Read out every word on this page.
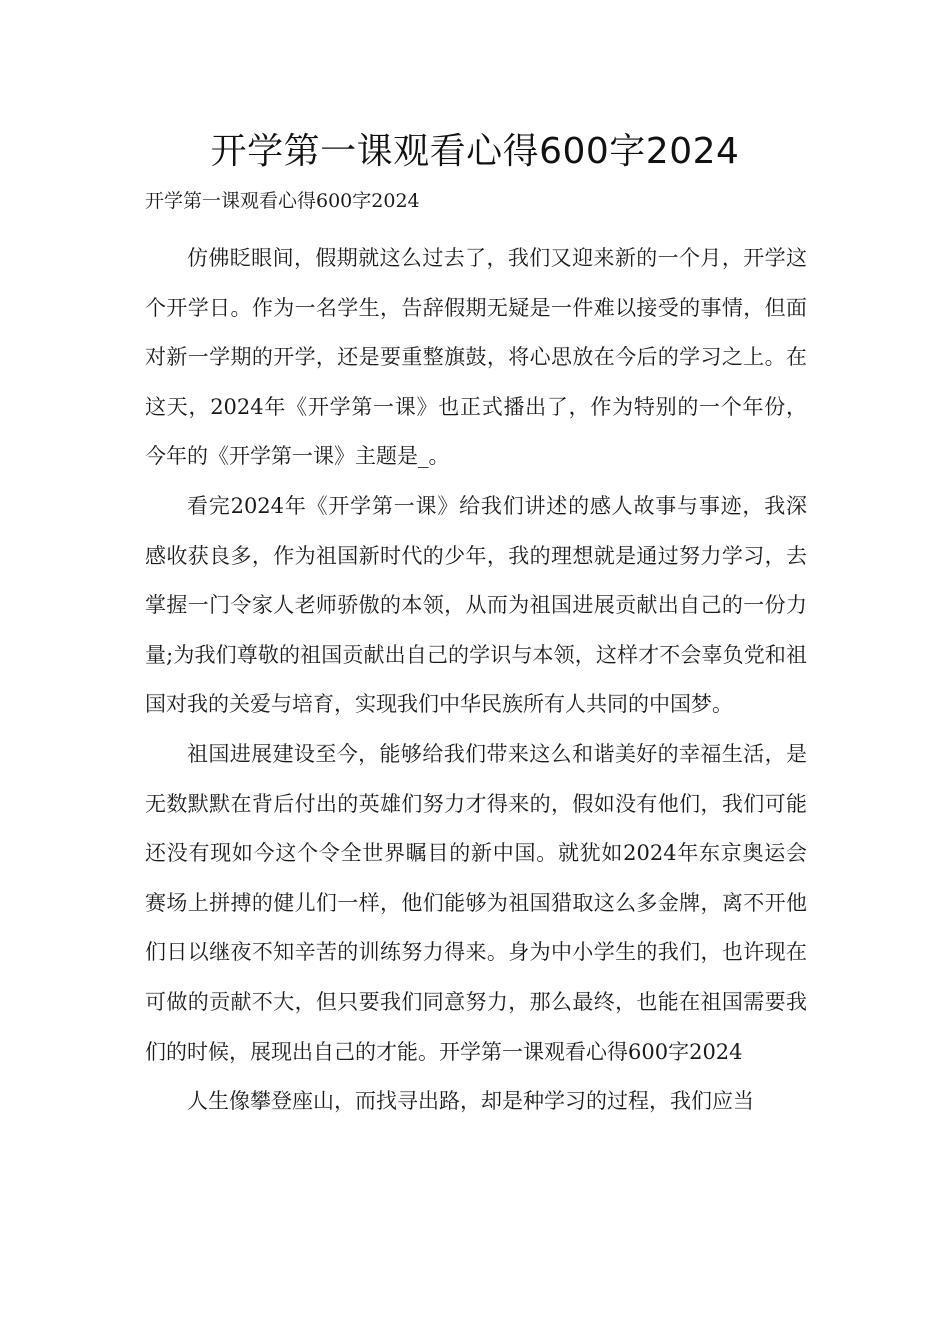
开学第一课观看心得600字2024
开学第一课观看心得600字2024

仿佛眨眼间，假期就这么过去了，我们又迎来新的一个月，开学这个开学日。作为一名学生，告辞假期无疑是一件难以接受的事情，但面对新一学期的开学，还是要重整旗鼓，将心思放在今后的学习之上。在这天，2024年《开学第一课》也正式播出了，作为特别的一个年份，今年的《开学第一课》主题是_。

看完2024年《开学第一课》给我们讲述的感人故事与事迹，我深感收获良多，作为祖国新时代的少年，我的理想就是通过努力学习，去掌握一门令家人老师骄傲的本领，从而为祖国进展贡献出自己的一份力量;为我们尊敬的祖国贡献出自己的学识与本领，这样才不会辜负党和祖国对我的关爱与培育，实现我们中华民族所有人共同的中国梦。

祖国进展建设至今，能够给我们带来这么和谐美好的幸福生活，是无数默默在背后付出的英雄们努力才得来的，假如没有他们，我们可能还没有现如今这个令全世界瞩目的新中国。就犹如2024年东京奥运会赛场上拼搏的健儿们一样，他们能够为祖国猎取这么多金牌，离不开他们日以继夜不知辛苦的训练努力得来。身为中小学生的我们，也许现在可做的贡献不大，但只要我们同意努力，那么最终，也能在祖国需要我们的时候，展现出自己的才能。开学第一课观看心得600字2024

人生像攀登座山，而找寻出路，却是种学习的过程，我们应当
